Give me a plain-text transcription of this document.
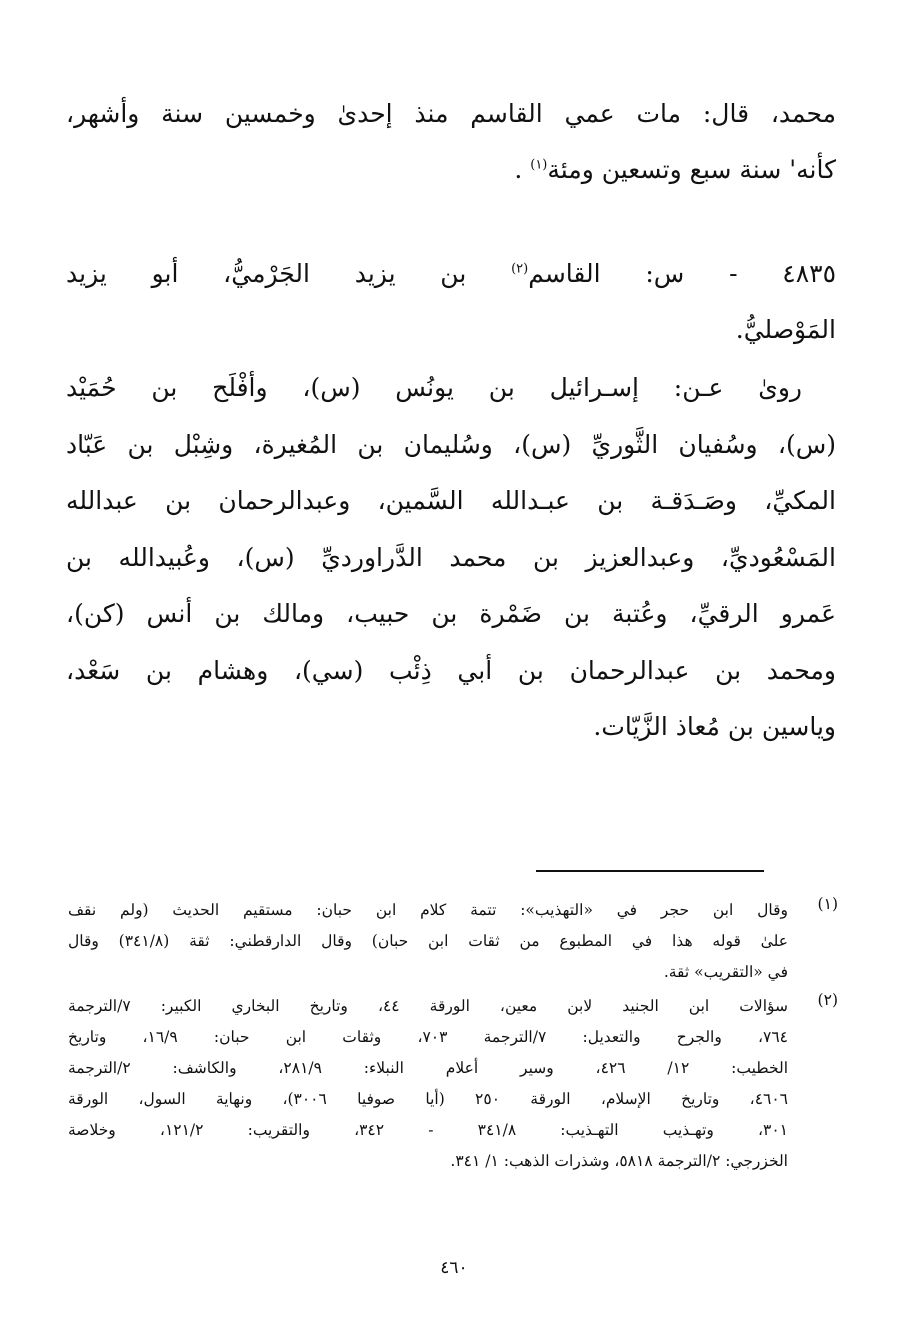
محمد، قال: مات عمي القاسم منذ إحدىٰ وخمسين سنة وأشهر،
كأنه' سنة سبع وتسعين ومئة$^{(١)}$ .
٤٨٣٥ - س: القاسم$^{(٢)}$ بن يزيد الجَرْميُّ، أبو يزيد
المَوْصليُّ.
روىٰ عـن: إسـرائيل بن يونُس (س)، وأفْلَح بن حُمَيْد
(س)، وسُفيان الثَّوريِّ (س)، وسُليمان بن المُغيرة، وشِبْل بن عَبّاد
المكيِّ، وصَـدَقـة بن عبـدالله السَّمين، وعبدالرحمان بن عبدالله
المَسْعُوديِّ، وعبدالعزيز بن محمد الدَّراورديِّ (س)، وعُبيدالله بن
عَمرو الرقيِّ، وعُتبة بن ضَمْرة بن حبيب، ومالك بن أنس (كن)،
ومحمد بن عبدالرحمان بن أبي ذِئْب (سي)، وهشام بن سَعْد،
وياسين بن مُعاذ الزَّيّات.
(١)
وقال ابن حجر في «التهذيب»: تتمة كلام ابن حبان: مستقيم الحديث (ولم نقف
علىٰ قوله هذا في المطبوع من ثقات ابن حبان) وقال الدارقطني: ثقة (٣٤١/٨) وقال
في «التقريب» ثقة.
(٢)
سؤالات ابن الجنيد لابن معين، الورقة ٤٤، وتاريخ البخاري الكبير: ٧/الترجمة
٧٦٤، والجرح والتعديل: ٧/الترجمة ٧٠٣، وثقات ابن حبان: ١٦/٩، وتاريخ
الخطيب: ١٢/ ٤٢٦، وسير أعلام النبلاء: ٢٨١/٩، والكاشف: ٢/الترجمة
٤٦٠٦، وتاريخ الإسلام، الورقة ٢٥٠ (أيا صوفيا ٣٠٠٦)، ونهاية السول، الورقة
٣٠١، وتهـذيب التهـذيب: ٣٤١/٨ - ٣٤٢، والتقريب: ١٢١/٢، وخلاصة
الخزرجي: ٢/الترجمة ٥٨١٨، وشذرات الذهب: ١/ ٣٤١.
٤٦٠
